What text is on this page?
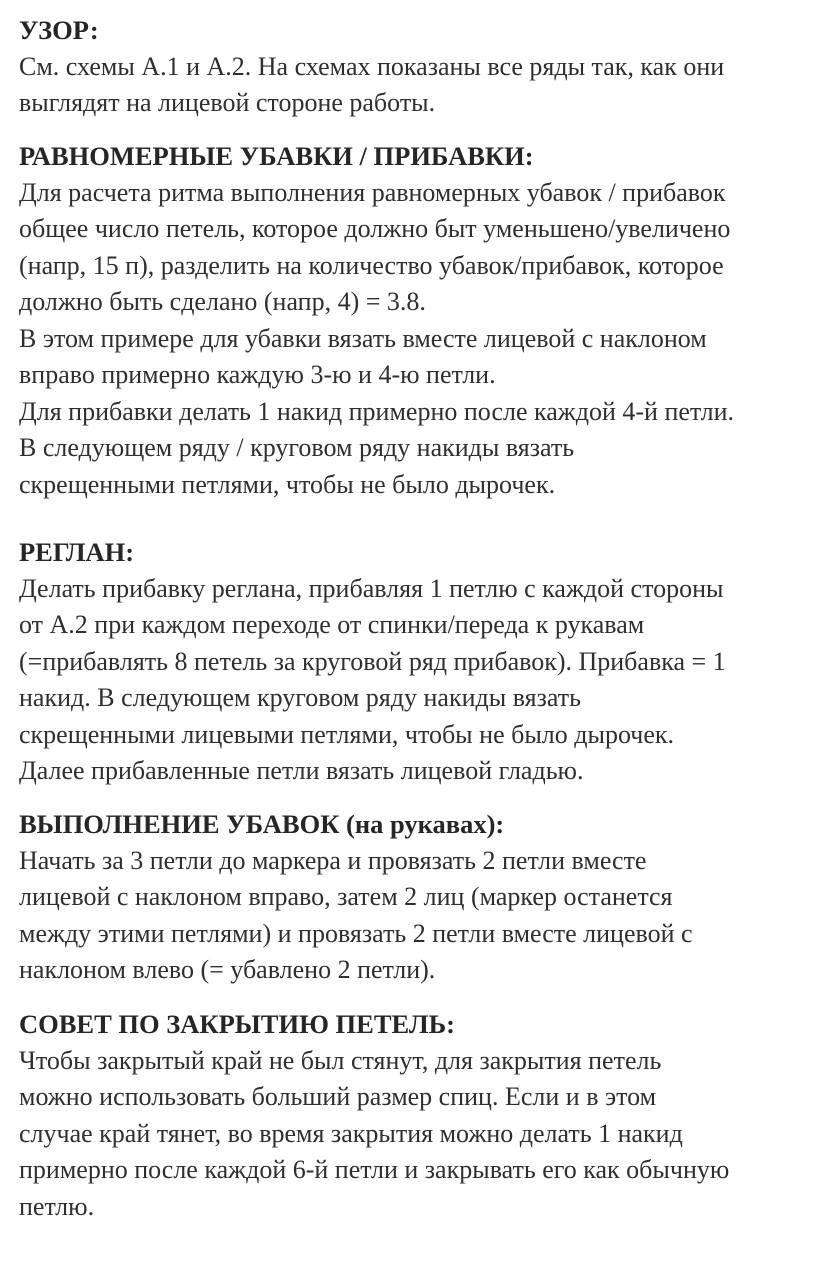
УЗОР:
См. схемы А.1 и А.2. На схемах показаны все ряды так, как они
выглядят на лицевой стороне работы.
РАВНОМЕРНЫЕ УБАВКИ / ПРИБАВКИ:
Для расчета ритма выполнения равномерных убавок / прибавок
общее число петель, которое должно быт уменьшено/увеличено
(напр, 15 п), разделить на количество убавок/прибавок, которое
должно быть сделано (напр, 4) = 3.8.
В этом примере для убавки вязать вместе лицевой с наклоном
вправо примерно каждую 3-ю и 4-ю петли.
Для прибавки делать 1 накид примерно после каждой 4-й петли.
В следующем ряду / круговом ряду накиды вязать
скрещенными петлями, чтобы не было дырочек.
РЕГЛАН:
Делать прибавку реглана, прибавляя 1 петлю с каждой стороны
от А.2 при каждом переходе от спинки/переда к рукавам
(=прибавлять 8 петель за круговой ряд прибавок). Прибавка = 1
накид. В следующем круговом ряду накиды вязать
скрещенными лицевыми петлями, чтобы не было дырочек.
Далее прибавленные петли вязать лицевой гладью.
ВЫПОЛНЕНИЕ УБАВОК (на рукавах):
Начать за 3 петли до маркера и провязать 2 петли вместе
лицевой с наклоном вправо, затем 2 лиц (маркер останется
между этими петлями) и провязать 2 петли вместе лицевой с
наклоном влево (= убавлено 2 петли).
СОВЕТ ПО ЗАКРЫТИЮ ПЕТЕЛЬ:
Чтобы закрытый край не был стянут, для закрытия петель
можно использовать больший размер спиц. Если и в этом
случае край тянет, во время закрытия можно делать 1 накид
примерно после каждой 6-й петли и закрывать его как обычную
петлю.
